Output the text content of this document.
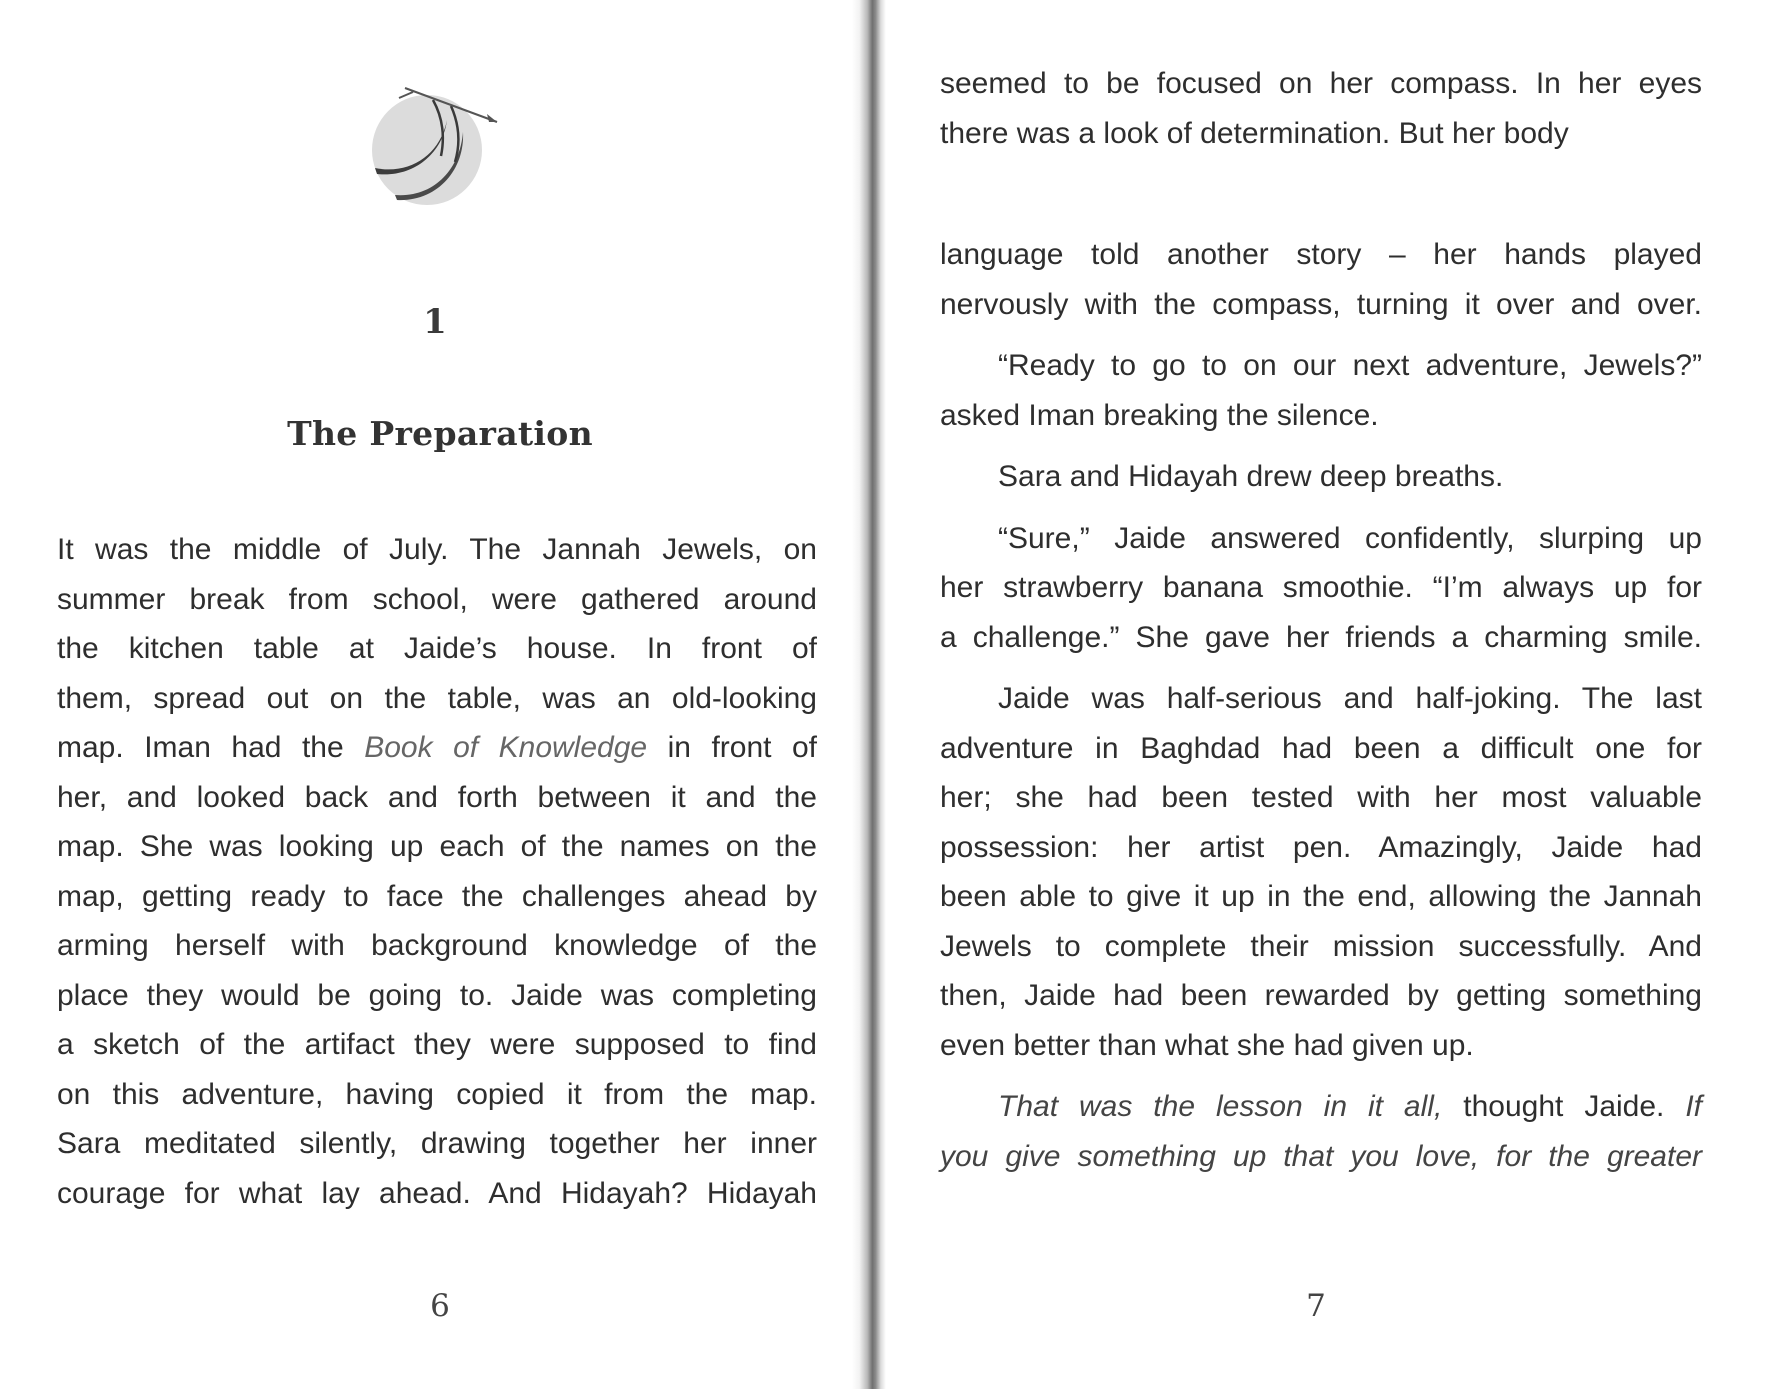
1
The Preparation

It was the middle of July. The Jannah Jewels, on

summer break from school, were gathered around

the kitchen table at Jaide’s house. In front of

them, spread out on the table, was an old-looking

map. Iman had the Book of Knowledge in front of

her, and looked back and forth between it and the

map. She was looking up each of the names on the

map, getting ready to face the challenges ahead by

arming herself with background knowledge of the

place they would be going to. Jaide was completing

a sketch of the artifact they were supposed to find

on this adventure, having copied it from the map.

Sara meditated silently, drawing together her inner

courage for what lay ahead. And Hidayah? Hidayah

6

seemed to be focused on her compass. In her eyes

there was a look of determination. But her body

language told another story – her hands played

nervously with the compass, turning it over and over.

“Ready to go to on our next adventure, Jewels?”

asked Iman breaking the silence.

Sara and Hidayah drew deep breaths.

“Sure,” Jaide answered confidently, slurping up

her strawberry banana smoothie. “I’m always up for

a challenge.” She gave her friends a charming smile.

Jaide was half-serious and half-joking. The last

adventure in Baghdad had been a difficult one for

her; she had been tested with her most valuable

possession: her artist pen. Amazingly, Jaide had

been able to give it up in the end, allowing the Jannah

Jewels to complete their mission successfully. And

then, Jaide had been rewarded by getting something

even better than what she had given up.

That was the lesson in it all, thought Jaide. If

you give something up that you love, for the greater

7
